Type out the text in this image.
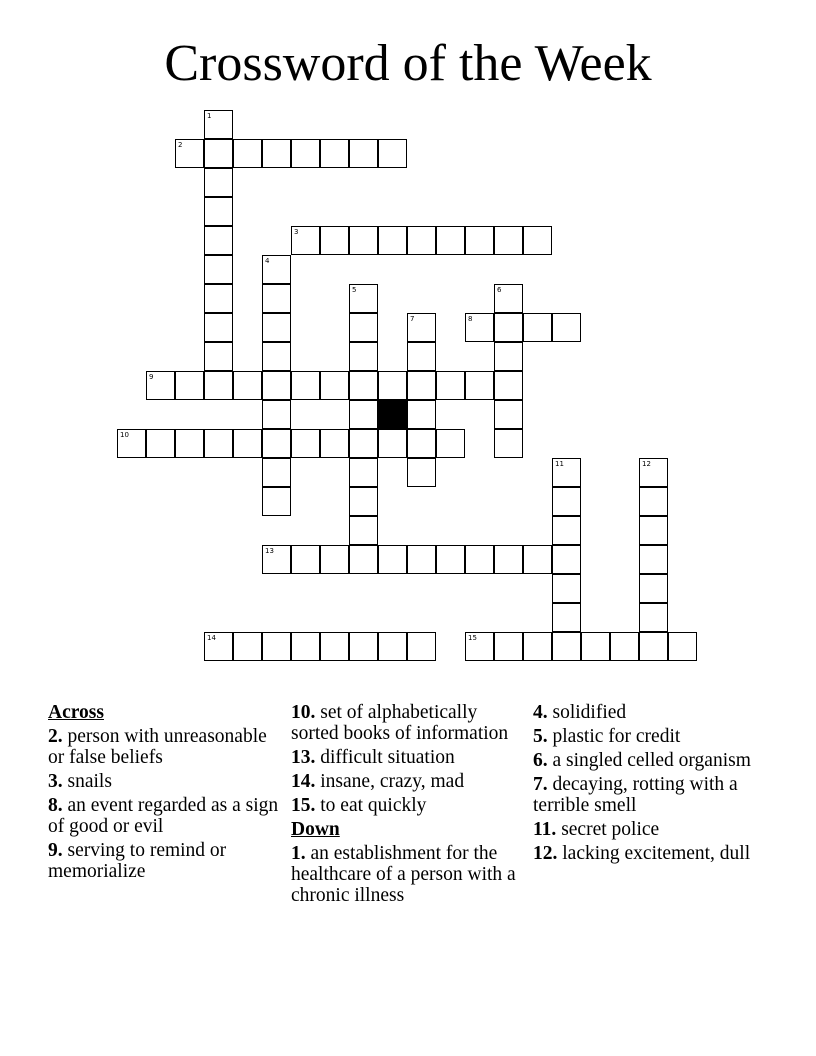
Crossword of the Week
2
3
8
9
10
13
14	15
1
4
5	6
7
11	12
Across
2. person with unreasonable or false beliefs
3. snails
8. an event regarded as a sign of good or evil
9. serving to remind or memorialize
10. set of alphabetically sorted books of information
13. difficult situation
14. insane, crazy, mad
15. to eat quickly
Down
1. an establishment for the healthcare of a person with a chronic illness
4. solidified
5. plastic for credit
6. a singled celled organism
7. decaying, rotting with a terrible smell
11. secret police
12. lacking excitement, dull
